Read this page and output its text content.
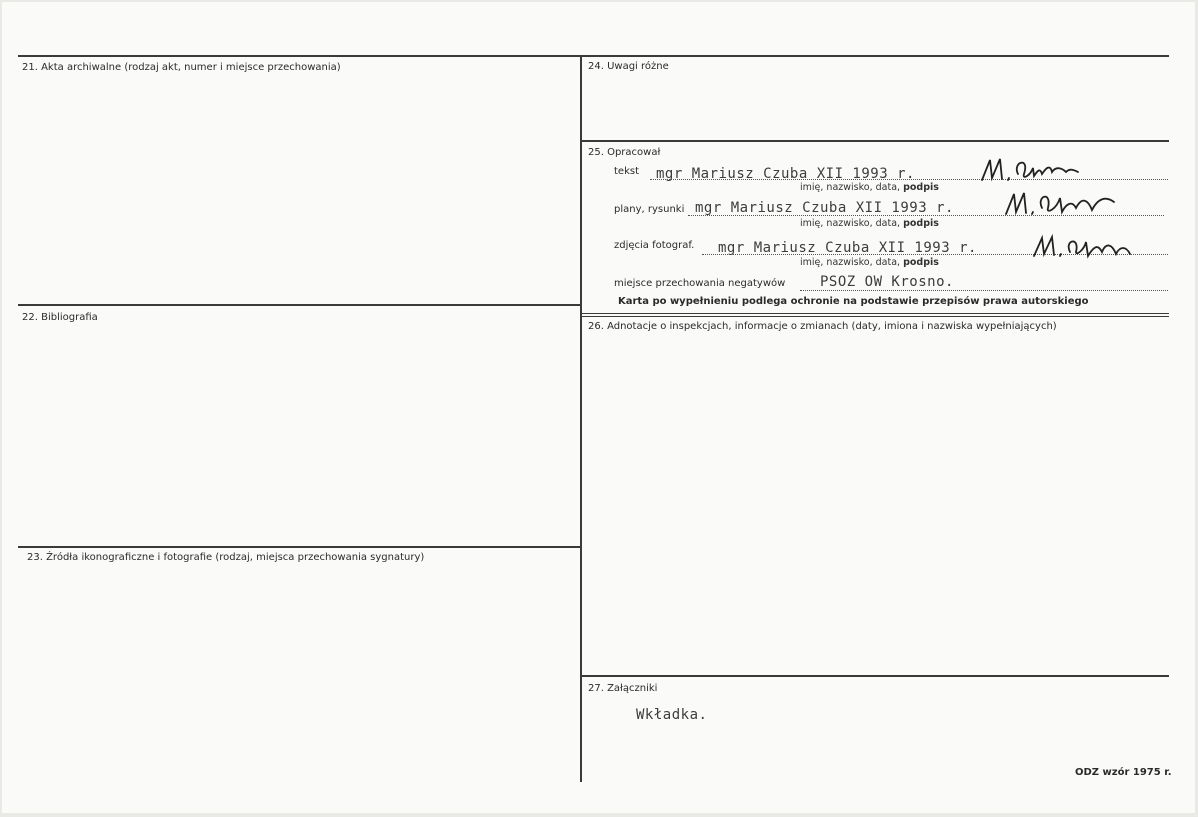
21. Akta archiwalne (rodzaj akt, numer i miejsce przechowania)
22. Bibliografia
23. Źródła ikonograficzne i fotografie (rodzaj, miejsca przechowania sygnatury)
24. Uwagi różne
25. Opracował
26. Adnotacje o inspekcjach, informacje o zmianach (daty, imiona i nazwiska wypełniających)
27. Załączniki
tekst mgr Mariusz Czuba XII 1993 r.
imię, nazwisko, data, podpis
plany, rysunki mgr Mariusz Czuba XII 1993 r.
imię, nazwisko, data, podpis
zdjęcia fotograf. mgr Mariusz Czuba XII 1993 r.
imię, nazwisko, data, podpis
miejsce przechowania negatywów PSOZ OW Krosno.
Karta po wypełnieniu podlega ochronie na podstawie przepisów prawa autorskiego
Wkładka.
ODZ wzór 1975 r.
